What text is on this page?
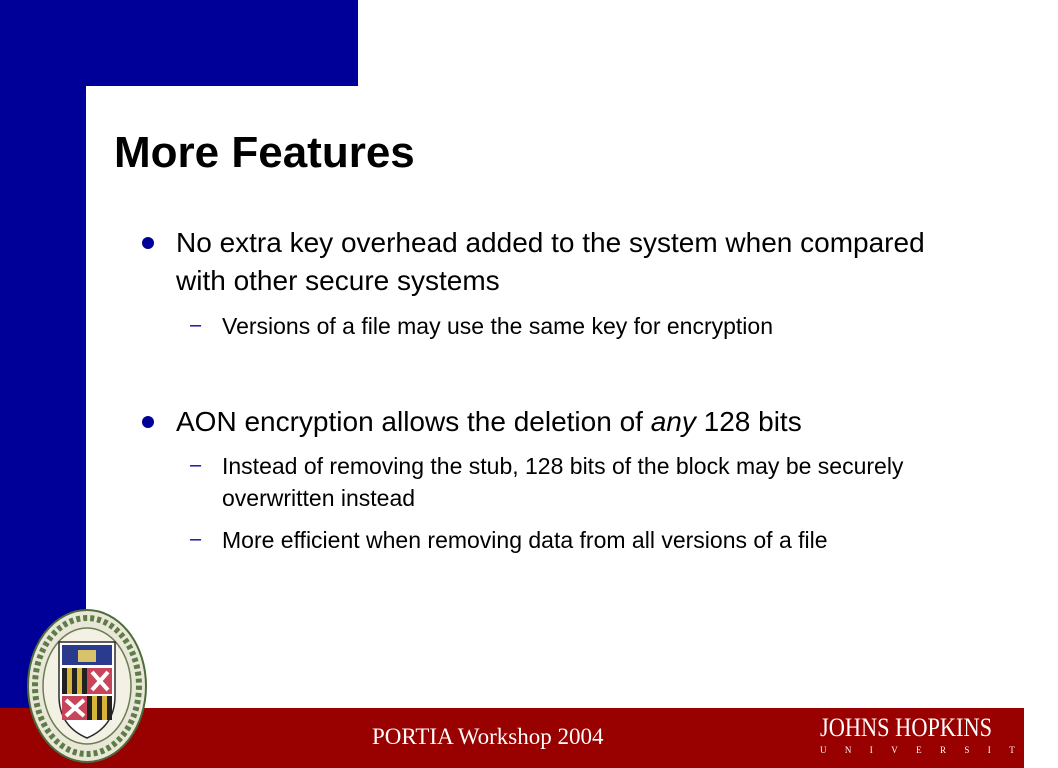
More Features
No extra key overhead added to the system when compared with other secure systems
– Versions of a file may use the same key for encryption
AON encryption allows the deletion of any 128 bits
– Instead of removing the stub, 128 bits of the block may be securely overwritten instead
– More efficient when removing data from all versions of a file
PORTIA Workshop 2004	JOHNS HOPKINS
UNIVERSITY
